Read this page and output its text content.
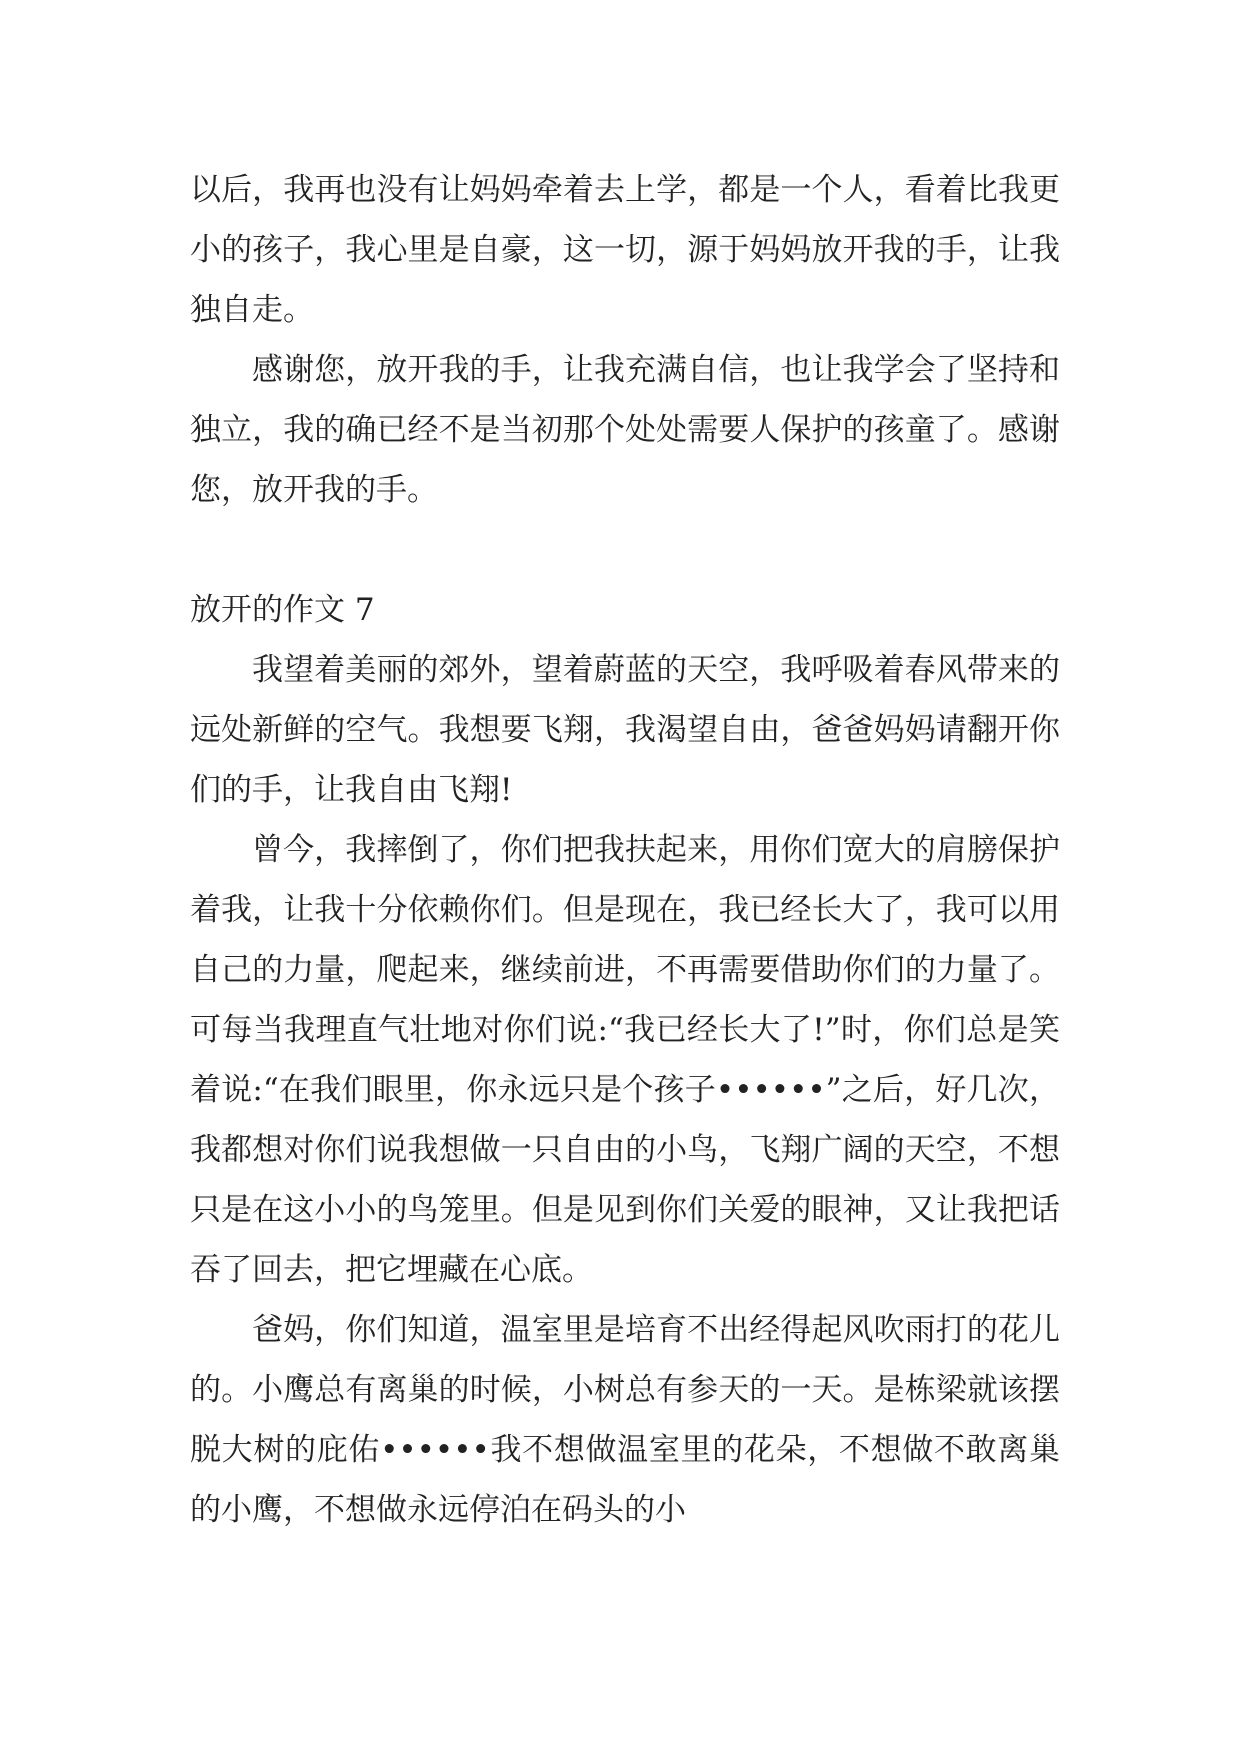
以后，我再也没有让妈妈牵着去上学，都是一个人，看着比我更小的孩子，我心里是自豪，这一切，源于妈妈放开我的手，让我独自走。

感谢您，放开我的手，让我充满自信，也让我学会了坚持和独立，我的确已经不是当初那个处处需要人保护的孩童了。感谢您，放开我的手。

放开的作文 7

我望着美丽的郊外，望着蔚蓝的天空，我呼吸着春风带来的远处新鲜的空气。我想要飞翔，我渴望自由，爸爸妈妈请翻开你们的手，让我自由飞翔!

曾今，我摔倒了，你们把我扶起来，用你们宽大的肩膀保护着我，让我十分依赖你们。但是现在，我已经长大了，我可以用自己的力量，爬起来，继续前进，不再需要借助你们的力量了。可每当我理直气壮地对你们说:“我已经长大了!”时，你们总是笑着说:“在我们眼里，你永远只是个孩子••••••”之后，好几次，我都想对你们说我想做一只自由的小鸟，飞翔广阔的天空，不想只是在这小小的鸟笼里。但是见到你们关爱的眼神，又让我把话吞了回去，把它埋藏在心底。

爸妈，你们知道，温室里是培育不出经得起风吹雨打的花儿的。小鹰总有离巢的时候，小树总有参天的一天。是栋梁就该摆脱大树的庇佑••••••我不想做温室里的花朵，不想做不敢离巢的小鹰，不想做永远停泊在码头的小
